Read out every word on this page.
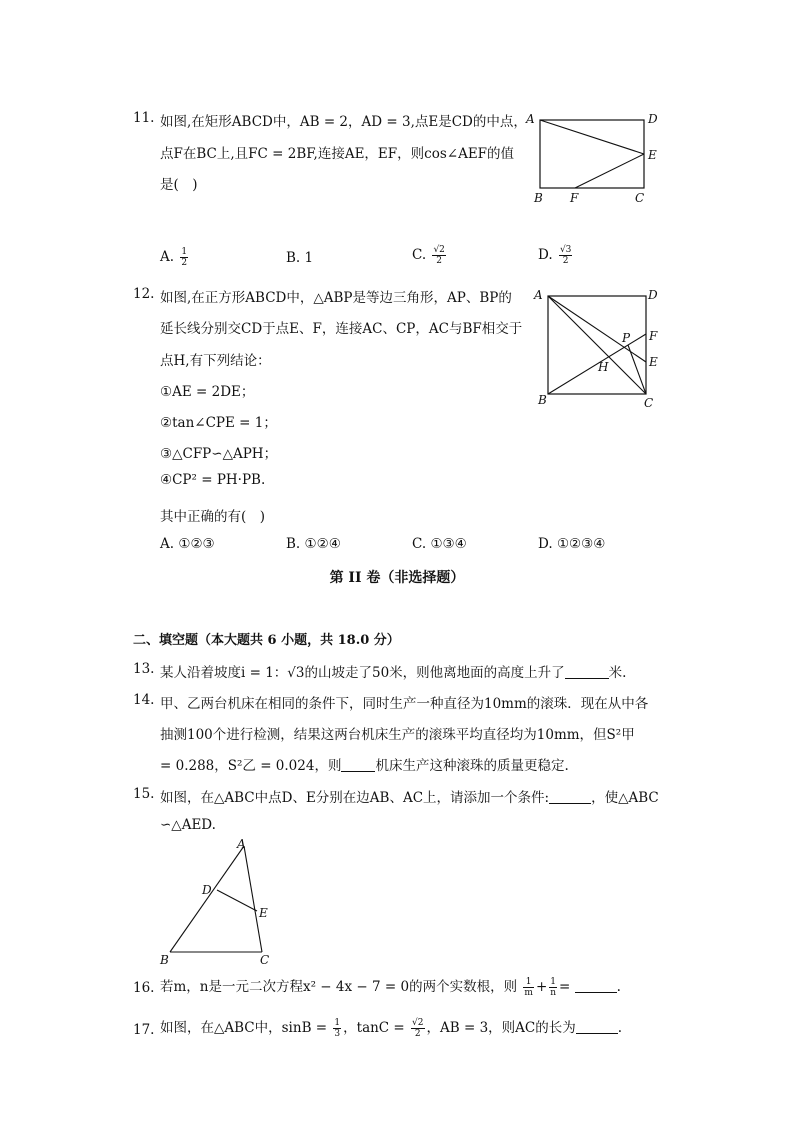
11. 如图,在矩形ABCD中，AB = 2，AD = 3,点E是CD的中点，
点F在BC上,且FC = 2BF,连接AE，EF，则cos∠AEF的值
是(　)
A	D
E
B F	C
A. $\frac{1}{2}$	B. 1	C. $\frac{√2}{2}$	D. $\frac{√3}{2}$
12. 如图,在正方形ABCD中，△ABP是等边三角形，AP、BP的
延长线分别交CD于点E、F，连接AC、CP，AC与BF相交于
点H,有下列结论：
①AE = 2DE；
②tan∠CPE = 1；
③△CFP∽△APH；
④CP² = PH·PB.
其中正确的有(　)
A	D
F
E
P
H
B	C
A. ①②③	B. ①②④	C. ①③④	D. ①②③④
第 II 卷（非选择题）
二、填空题（本大题共 6 小题，共 18.0 分）
13. 某人沿着坡度i = 1：√3的山坡走了50米，则他离地面的高度上升了	米.
14. 甲、乙两台机床在相同的条件下，同时生产一种直径为10mm的滚珠．现在从中各
抽测100个进行检测，结果这两台机床生产的滚珠平均直径均为10mm，但S²甲
= 0.288，S²乙 = 0.024，则	机床生产这种滚珠的质量更稳定.
15. 如图，在△ABC中点D、E分别在边AB、AC上，请添加一个条件:	，使△ABC
∽△AED.
A
D
E
B	C
16. 若m，n是一元二次方程x² − 4x − 7 = 0的两个实数根，则 $\frac{1}{m} + \frac{1}{n}$ =	.
17. 如图，在△ABC中，$\sin B = \frac{1}{3}$ ，$\tan C = \frac{√2}{2}$ ，AB = 3，则AC的长为	.
